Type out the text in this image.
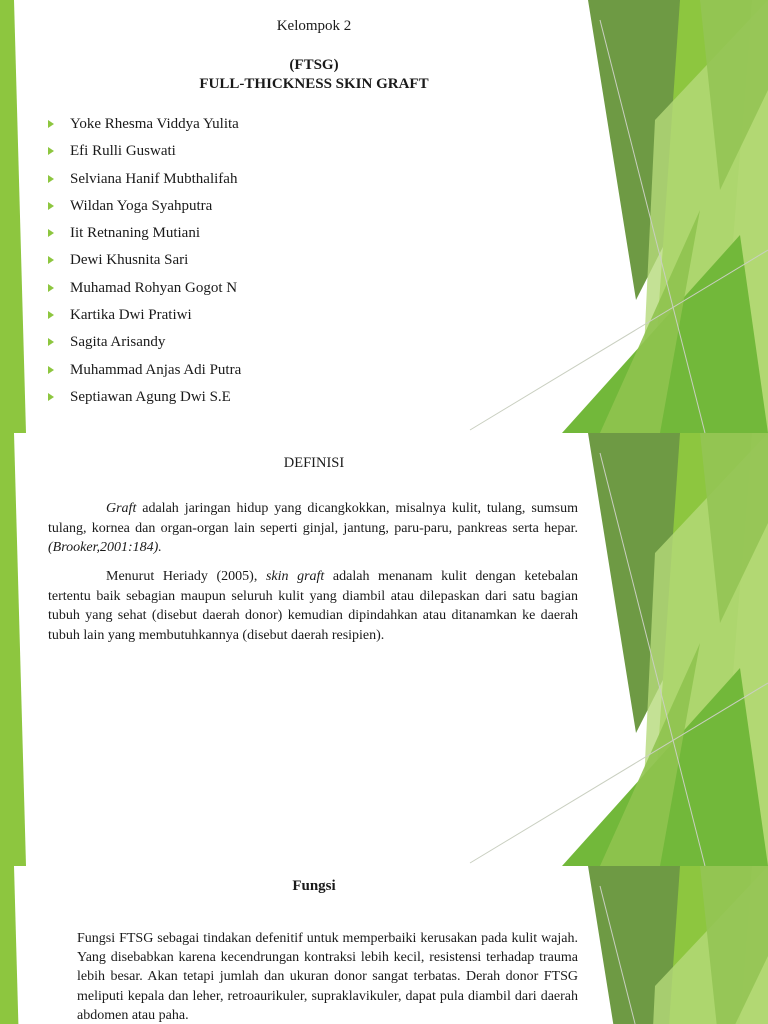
Kelompok 2
(FTSG)
FULL-THICKNESS SKIN GRAFT
Yoke Rhesma Viddya Yulita
Efi Rulli Guswati
Selviana Hanif Mubthalifah
Wildan Yoga Syahputra
Iit Retnaning Mutiani
Dewi Khusnita Sari
Muhamad Rohyan Gogot N
Kartika Dwi Pratiwi
Sagita Arisandy
Muhammad Anjas Adi Putra
Septiawan Agung Dwi S.E
DEFINISI

Graft adalah jaringan hidup yang dicangkokkan, misalnya kulit, tulang, sumsum tulang, kornea dan organ-organ lain seperti ginjal, jantung, paru-paru, pankreas serta hepar.(Brooker,2001:184).

Menurut Heriady (2005), skin graft adalah menanam kulit dengan ketebalan tertentu baik sebagian maupun seluruh kulit yang diambil atau dilepaskan dari satu bagian tubuh yang sehat (disebut daerah donor) kemudian dipindahkan atau ditanamkan ke daerah tubuh lain yang membutuhkannya (disebut daerah resipien).

Fungsi

Fungsi FTSG sebagai tindakan defenitif untuk memperbaiki kerusakan pada kulit wajah. Yang disebabkan karena kecendrungan kontraksi lebih kecil, resistensi terhadap trauma lebih besar. Akan tetapi jumlah dan ukuran donor sangat terbatas. Derah donor FTSG meliputi kepala dan leher, retroaurikuler, supraklavikuler, dapat pula diambil dari daerah abdomen atau paha.
